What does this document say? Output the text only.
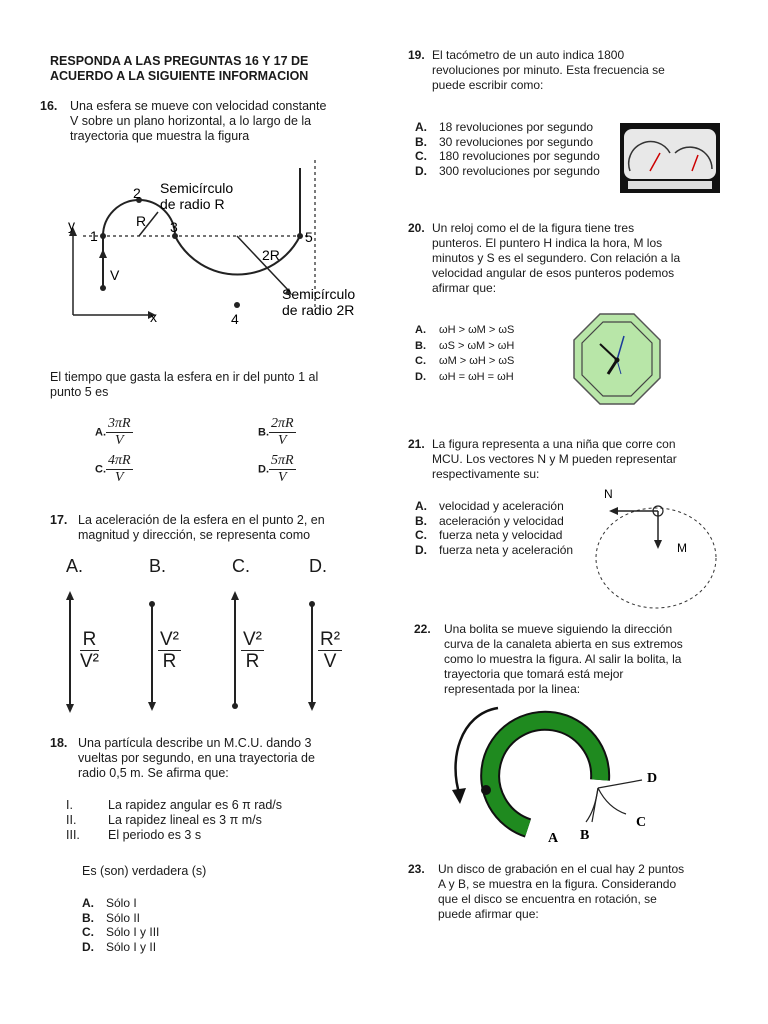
RESPONDA A LAS PREGUNTAS 16 Y 17 DE
ACUERDO A LA SIGUIENTE INFORMACION
16. Una esfera se mueve con velocidad constante
V sobre un plano horizontal, a lo largo de la
trayectoria que muestra la figura
y
x
V
1
2
3
4
5
R
2R
Semicírculo
de radio R
Semicírculo
de radio 2R
El tiempo que gasta la esfera en ir del punto 1 al
punto 5 es
A. $\frac{3\pi R}{V}$	B. $\frac{2\pi R}{V}$
C. $\frac{4\pi R}{V}$	D. $\frac{5\pi R}{V}$
17. La aceleración de la esfera en el punto 2, en
magnitud y dirección, se representa como
A.	B.	C.	D.
R
V²
V²
R
V²
R
R²
V
18. Una partícula describe un M.C.U. dando 3
vueltas por segundo, en una trayectoria de
radio 0,5 m. Se afirma que:
I.	La rapidez angular es 6 π rad/s
II.	La rapidez lineal es 3 π m/s
III. El periodo es 3 s
Es (son) verdadera (s)
A. Sólo I
B. Sólo II
C. Sólo I y III
D. Sólo I y II
19. El tacómetro de un auto indica 1800
revoluciones por minuto. Esta frecuencia se
puede escribir como:
A. 18 revoluciones por segundo
B. 30 revoluciones por segundo
C. 180 revoluciones por segundo
D. 300 revoluciones por segundo
20. Un reloj como el de la figura tiene tres
punteros. El puntero H indica la hora, M los
minutos y S es el segundero. Con relación a la
velocidad angular de esos punteros podemos
afirmar que:
A. ωH > ωM > ωS
B. ωS > ωM > ωH
C. ωM > ωH > ωS
D. ωH = ωH = ωH
21. La figura representa a una niña que corre con
MCU. Los vectores N y M pueden representar
respectivamente su:
A. velocidad y aceleración
B. aceleración y velocidad
C. fuerza neta y velocidad
D. fuerza neta y aceleración
N
M
22. Una bolita se mueve siguiendo la dirección
curva de la canaleta abierta en sus extremos
como lo muestra la figura. Al salir la bolita, la
trayectoria que tomará está mejor
representada por la linea:
A B
C
D
23. Un disco de grabación en el cual hay 2 puntos
A y B, se muestra en la figura. Considerando
que el disco se encuentra en rotación, se
puede afirmar que:
